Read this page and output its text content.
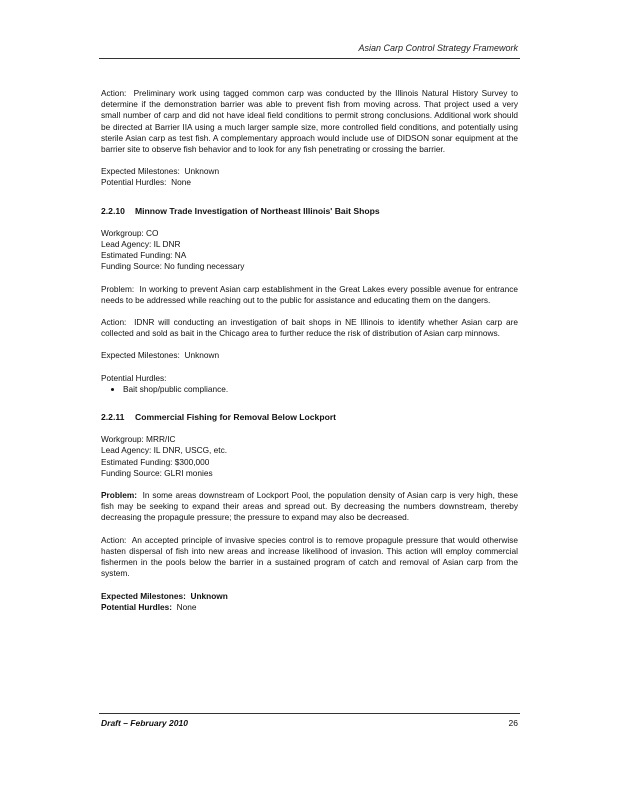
Asian Carp Control Strategy Framework

Action: Preliminary work using tagged common carp was conducted by the Illinois Natural History Survey to determine if the demonstration barrier was able to prevent fish from moving across. That project used a very small number of carp and did not have ideal field conditions to permit strong conclusions. Additional work should be directed at Barrier IIA using a much larger sample size, more controlled field conditions, and potentially using sterile Asian carp as test fish. A complementary approach would include use of DIDSON sonar equipment at the barrier site to observe fish behavior and to look for any fish penetrating or crossing the barrier.

Expected Milestones: Unknown

Potential Hurdles: None

2.2.10 Minnow Trade Investigation of Northeast Illinois' Bait Shops

Workgroup: CO

Lead Agency: IL DNR

Estimated Funding: NA

Funding Source: No funding necessary

Problem: In working to prevent Asian carp establishment in the Great Lakes every possible avenue for entrance needs to be addressed while reaching out to the public for assistance and educating them on the dangers.

Action: IDNR will conducting an investigation of bait shops in NE Illinois to identify whether Asian carp are collected and sold as bait in the Chicago area to further reduce the risk of distribution of Asian carp minnows.

Expected Milestones: Unknown

Potential Hurdles:

• Bait shop/public compliance.

2.2.11 Commercial Fishing for Removal Below Lockport

Workgroup: MRR/IC

Lead Agency: IL DNR, USCG, etc.

Estimated Funding: $300,000

Funding Source: GLRI monies

Problem: In some areas downstream of Lockport Pool, the population density of Asian carp is very high, these fish may be seeking to expand their areas and spread out. By decreasing the numbers downstream, thereby decreasing the propagule pressure; the pressure to expand may also be decreased.

Action: An accepted principle of invasive species control is to remove propagule pressure that would otherwise hasten dispersal of fish into new areas and increase likelihood of invasion. This action will employ commercial fishermen in the pools below the barrier in a sustained program of catch and removal of Asian carp from the system.

Expected Milestones: Unknown

Potential Hurdles: None

Draft – February 2010	26
